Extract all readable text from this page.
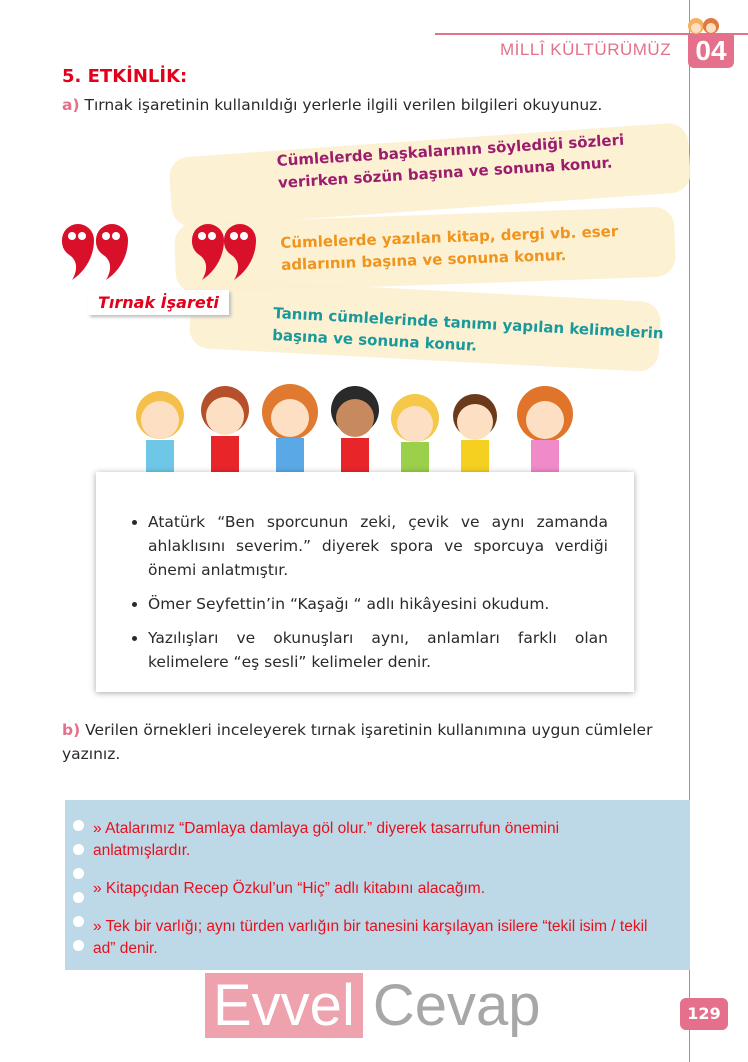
MİLLÎ KÜLTÜRÜMÜZ 04
5. ETKİNLİK:
a) Tırnak işaretinin kullanıldığı yerlerle ilgili verilen bilgileri okuyunuz.
Cümlelerde başkalarının söylediği sözleri verirken sözün başına ve sonuna konur.
Cümlelerde yazılan kitap, dergi vb. eser adlarının başına ve sonuna konur.
Tanım cümlelerinde tanımı yapılan kelimelerin başına ve sonuna konur.
Tırnak İşareti
• Atatürk “Ben sporcunun zeki, çevik ve aynı zamanda ahlaklısını severim.” diyerek spora ve sporcuya verdiği önemi anlatmıştır.
• Ömer Seyfettin’in “Kaşağı “ adlı hikâyesini okudum.
• Yazılışları ve okunuşları aynı, anlamları farklı olan kelimelere “eş sesli” kelimeler denir.
b) Verilen örnekleri inceleyerek tırnak işaretinin kullanımına uygun cümleler yazınız.

» Atalarımız “Damlaya damlaya göl olur.” diyerek tasarrufun önemini anlatmışlardır.

» Kitapçıdan Recep Özkul’un “Hiç” adlı kitabını alacağım.

» Tek bir varlığı; aynı türden varlığın bir tanesini karşılayan isilere “tekil isim / tekil ad” denir.

Evvel Cevap	129
